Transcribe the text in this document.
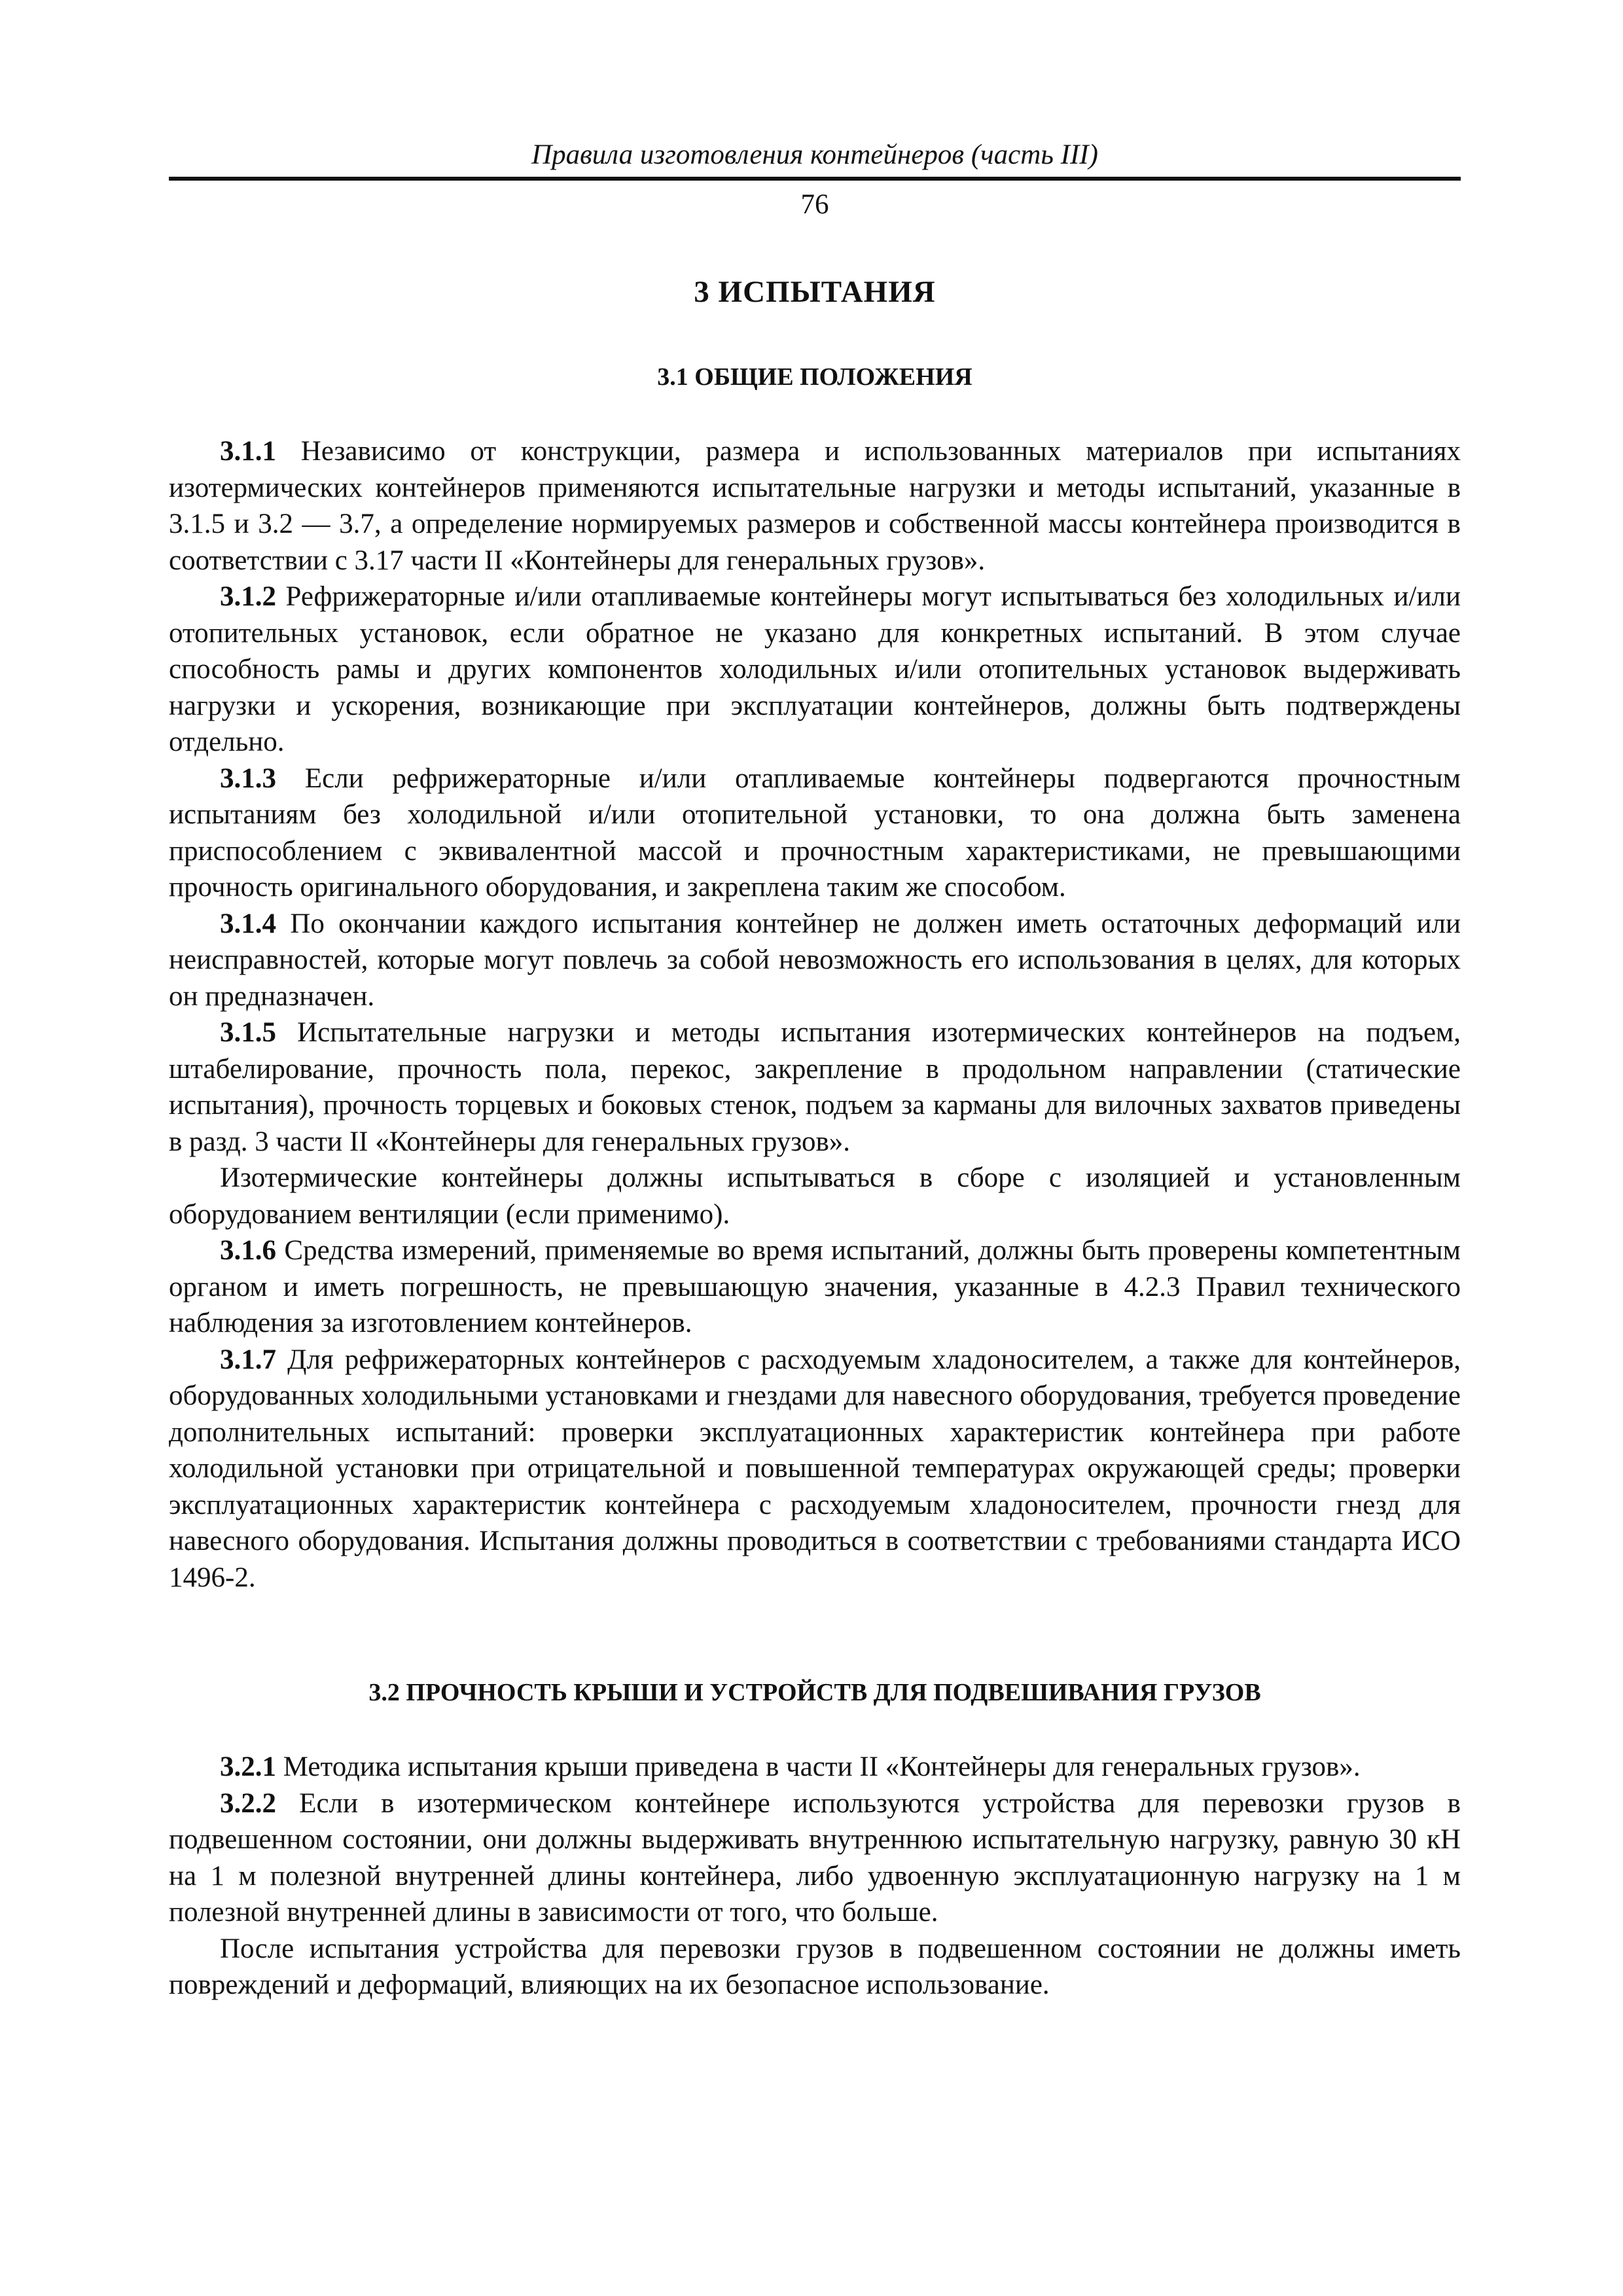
Правила изготовления контейнеров (часть III)
76
3 ИСПЫТАНИЯ
3.1 ОБЩИЕ ПОЛОЖЕНИЯ

3.1.1 Независимо от конструкции, размера и использованных материалов при испытаниях изотермических контейнеров применяются испытательные нагрузки и методы испытаний, указанные в 3.1.5 и 3.2 — 3.7, а определение нормируемых размеров и собственной массы контейнера производится в соответствии с 3.17 части II «Контейнеры для генеральных грузов».

3.1.2 Рефрижераторные и/или отапливаемые контейнеры могут испытываться без холодильных и/или отопительных установок, если обратное не указано для конкретных испытаний. В этом случае способность рамы и других компонентов холодильных и/или отопительных установок выдерживать нагрузки и ускорения, возникающие при эксплуатации контейнеров, должны быть подтверждены отдельно.

3.1.3 Если рефрижераторные и/или отапливаемые контейнеры подвергаются прочностным испытаниям без холодильной и/или отопительной установки, то она должна быть заменена приспособлением с эквивалентной массой и прочностным характеристиками, не превышающими прочность оригинального оборудования, и закреплена таким же способом.

3.1.4 По окончании каждого испытания контейнер не должен иметь остаточных деформаций или неисправностей, которые могут повлечь за собой невозможность его использования в целях, для которых он предназначен.

3.1.5 Испытательные нагрузки и методы испытания изотермических контейнеров на подъем, штабелирование, прочность пола, перекос, закрепление в продольном направлении (статические испытания), прочность торцевых и боковых стенок, подъем за карманы для вилочных захватов приведены в разд. 3 части II «Контейнеры для генеральных грузов».

Изотермические контейнеры должны испытываться в сборе с изоляцией и установленным оборудованием вентиляции (если применимо).

3.1.6 Средства измерений, применяемые во время испытаний, должны быть проверены компетентным органом и иметь погрешность, не превышающую значения, указанные в 4.2.3 Правил технического наблюдения за изготовлением контейнеров.

3.1.7 Для рефрижераторных контейнеров с расходуемым хладоносителем, а также для контейнеров, оборудованных холодильными установками и гнездами для навесного оборудования, требуется проведение дополнительных испытаний: проверки эксплуатационных характеристик контейнера при работе холодильной установки при отрицательной и повышенной температурах окружающей среды; проверки эксплуатационных характеристик контейнера с расходуемым хладоносителем, прочности гнезд для навесного оборудования. Испытания должны проводиться в соответствии с требованиями стандарта ИСО 1496-2.

3.2 ПРОЧНОСТЬ КРЫШИ И УСТРОЙСТВ ДЛЯ ПОДВЕШИВАНИЯ ГРУЗОВ

3.2.1 Методика испытания крыши приведена в части II «Контейнеры для генеральных грузов».

3.2.2 Если в изотермическом контейнере используются устройства для перевозки грузов в подвешенном состоянии, они должны выдерживать внутреннюю испытательную нагрузку, равную 30 кН на 1 м полезной внутренней длины контейнера, либо удвоенную эксплуатационную нагрузку на 1 м полезной внутренней длины в зависимости от того, что больше.

После испытания устройства для перевозки грузов в подвешенном состоянии не должны иметь повреждений и деформаций, влияющих на их безопасное использование.
